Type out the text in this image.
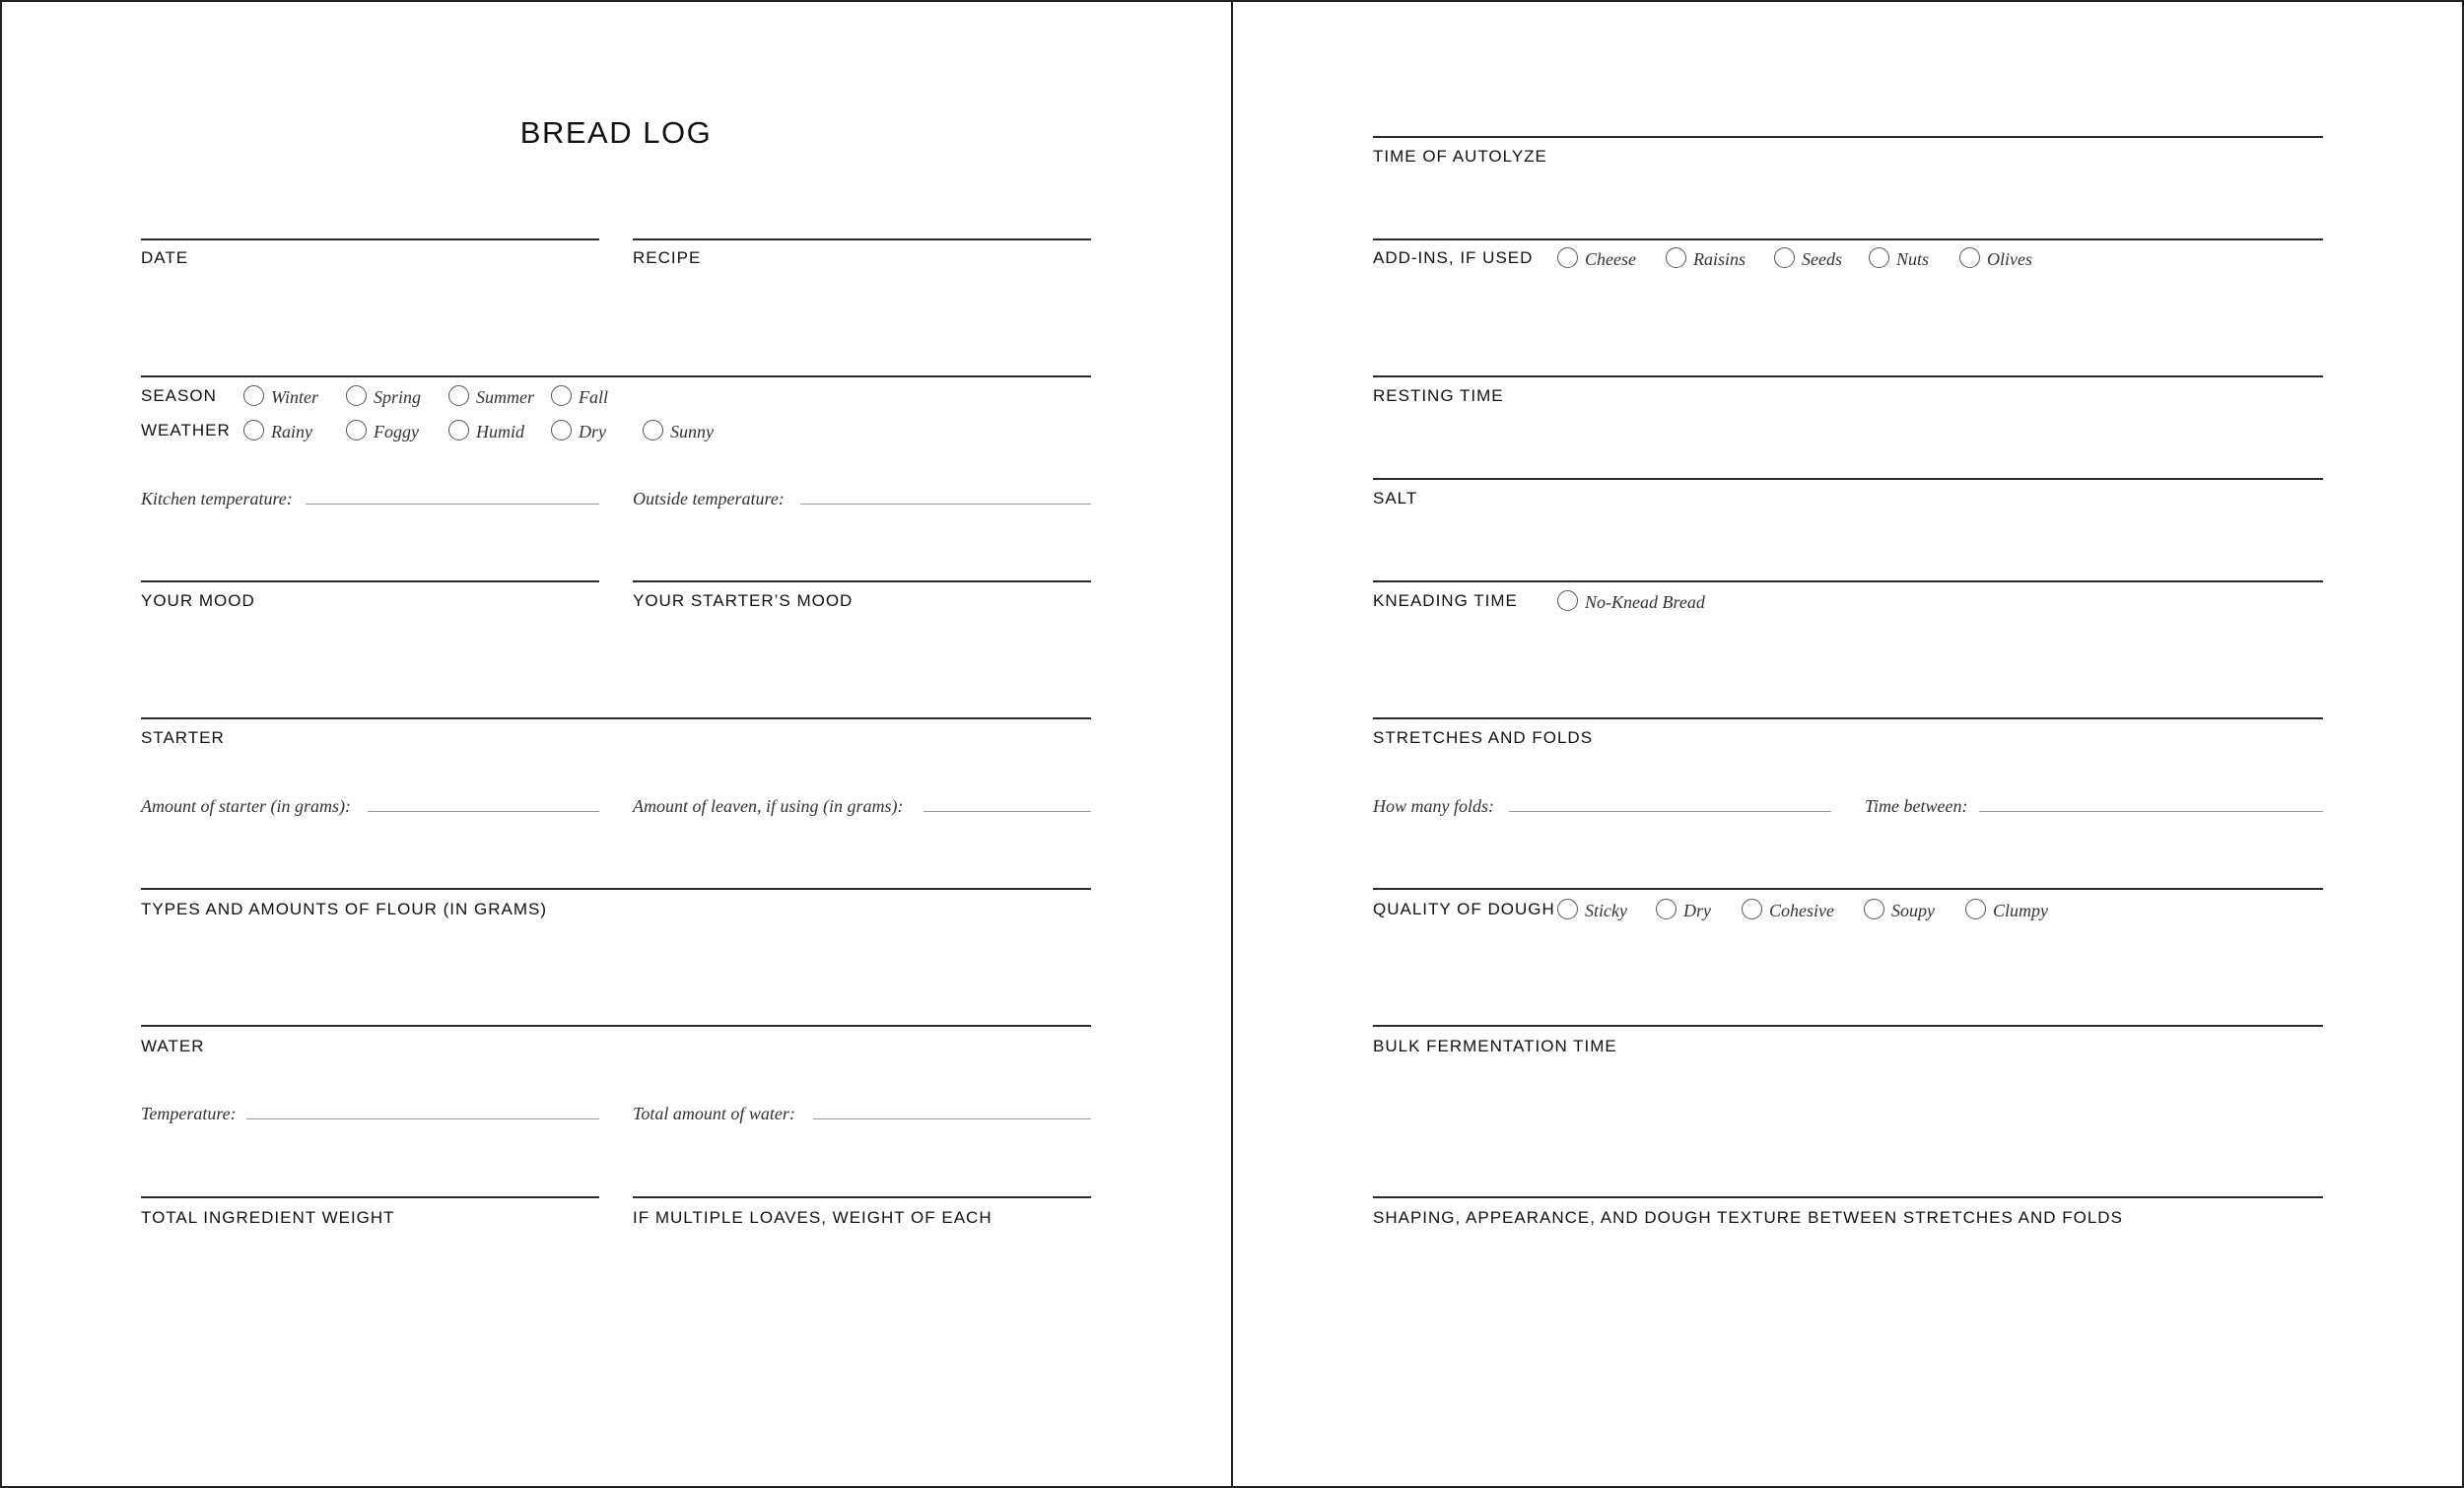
BREAD LOG
DATE	RECIPE
SEASON	Winter	Spring	Summer	Fall
WEATHER Rainy	Foggy	Humid	Dry	Sunny
Kitchen temperature:	Outside temperature:
YOUR MOOD	YOUR STARTER’S MOOD
STARTER
Amount of starter (in grams):	Amount of leaven, if using (in grams):
TYPES AND AMOUNTS OF FLOUR (IN GRAMS)
WATER
Temperature:	Total amount of water:
TOTAL INGREDIENT WEIGHT	IF MULTIPLE LOAVES, WEIGHT OF EACH
TIME OF AUTOLYZE
ADD-INS, IF USED	Cheese	Raisins	Seeds	Nuts	Olives
RESTING TIME
SALT
KNEADING TIME	No-Knead Bread
STRETCHES AND FOLDS
How many folds:	Time between:
QUALITY OF DOUGH Sticky	Dry	Cohesive	Soupy	Clumpy
BULK FERMENTATION TIME
SHAPING, APPEARANCE, AND DOUGH TEXTURE BETWEEN STRETCHES AND FOLDS
